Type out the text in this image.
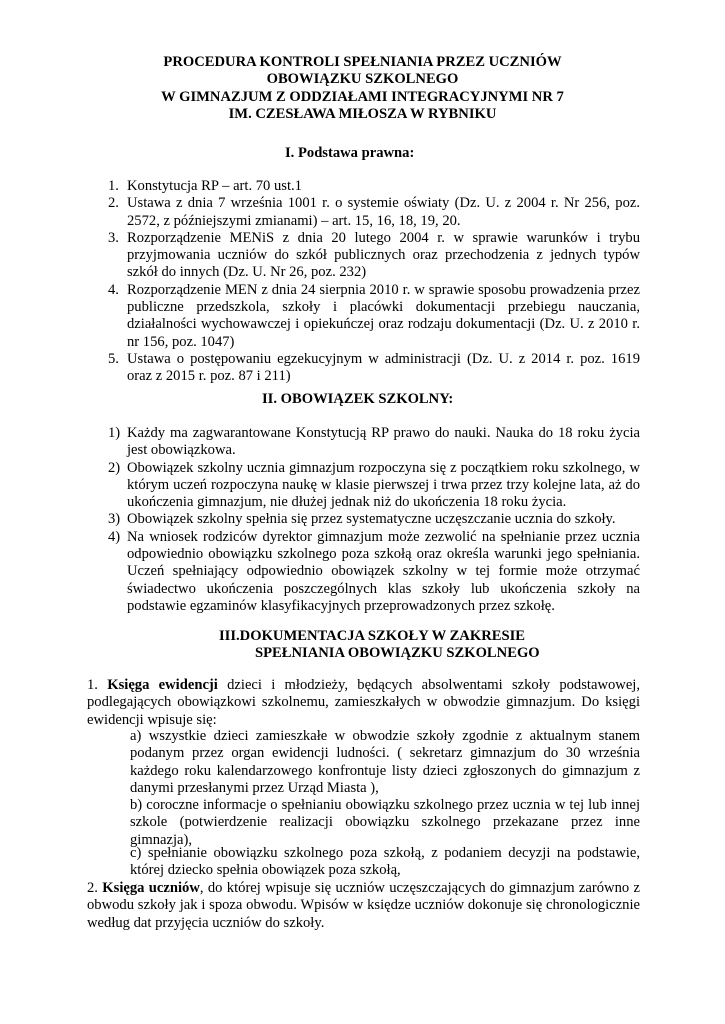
PROCEDURA KONTROLI SPEŁNIANIA PRZEZ UCZNIÓW
OBOWIĄZKU SZKOLNEGO
W GIMNAZJUM Z ODDZIAŁAMI INTEGRACYJNYMI NR 7
IM. CZESŁAWA MIŁOSZA W RYBNIKU
I. Podstawa prawna:
1. Konstytucja RP – art. 70 ust.1
2. Ustawa z dnia 7 września 1001 r. o systemie oświaty (Dz. U. z 2004 r. Nr 256, poz. 2572, z późniejszymi zmianami) – art. 15, 16, 18, 19, 20.
3. Rozporządzenie MENiS z dnia 20 lutego 2004 r. w sprawie warunków i trybu przyjmowania uczniów do szkół publicznych oraz przechodzenia z jednych typów szkół do innych (Dz. U. Nr 26, poz. 232)
4. Rozporządzenie MEN z dnia 24 sierpnia 2010 r. w sprawie sposobu prowadzenia przez publiczne przedszkola, szkoły i placówki dokumentacji przebiegu nauczania, działalności wychowawczej i opiekuńczej oraz rodzaju dokumentacji (Dz. U. z 2010 r. nr 156, poz. 1047)
5. Ustawa o postępowaniu egzekucyjnym w administracji (Dz. U. z 2014 r. poz. 1619 oraz z 2015 r. poz. 87 i 211)
II. OBOWIĄZEK SZKOLNY:
1) Każdy ma zagwarantowane Konstytucją RP prawo do nauki. Nauka do 18 roku życia jest obowiązkowa.
2) Obowiązek szkolny ucznia gimnazjum rozpoczyna się z początkiem roku szkolnego, w którym uczeń rozpoczyna naukę w klasie pierwszej i trwa przez trzy kolejne lata, aż do ukończenia gimnazjum, nie dłużej jednak niż do ukończenia 18 roku życia.
3) Obowiązek szkolny spełnia się przez systematyczne uczęszczanie ucznia do szkoły.
4) Na wniosek rodziców dyrektor gimnazjum może zezwolić na spełnianie przez ucznia odpowiednio obowiązku szkolnego poza szkołą oraz określa warunki jego spełniania. Uczeń spełniający odpowiednio obowiązek szkolny w tej formie może otrzymać świadectwo ukończenia poszczególnych klas szkoły lub ukończenia szkoły na podstawie egzaminów klasyfikacyjnych przeprowadzonych przez szkołę.
III.DOKUMENTACJA SZKOŁY W ZAKRESIE
SPEŁNIANIA OBOWIĄZKU SZKOLNEGO
1. Księga ewidencji dzieci i młodzieży, będących absolwentami szkoły podstawowej, podlegających obowiązkowi szkolnemu, zamieszkałych w obwodzie gimnazjum. Do księgi ewidencji wpisuje się:
a) wszystkie dzieci zamieszkałe w obwodzie szkoły zgodnie z aktualnym stanem podanym przez organ ewidencji ludności. ( sekretarz gimnazjum do 30 września każdego roku kalendarzowego konfrontuje listy dzieci zgłoszonych do gimnazjum z danymi przesłanymi przez Urząd Miasta ),
b) coroczne informacje o spełnianiu obowiązku szkolnego przez ucznia w tej lub innej szkole (potwierdzenie realizacji obowiązku szkolnego przekazane przez inne gimnazja),
c) spełnianie obowiązku szkolnego poza szkołą, z podaniem decyzji na podstawie, której dziecko spełnia obowiązek poza szkołą,
2. Księga uczniów, do której wpisuje się uczniów uczęszczających do gimnazjum zarówno z obwodu szkoły jak i spoza obwodu. Wpisów w księdze uczniów dokonuje się chronologicznie według dat przyjęcia uczniów do szkoły.
